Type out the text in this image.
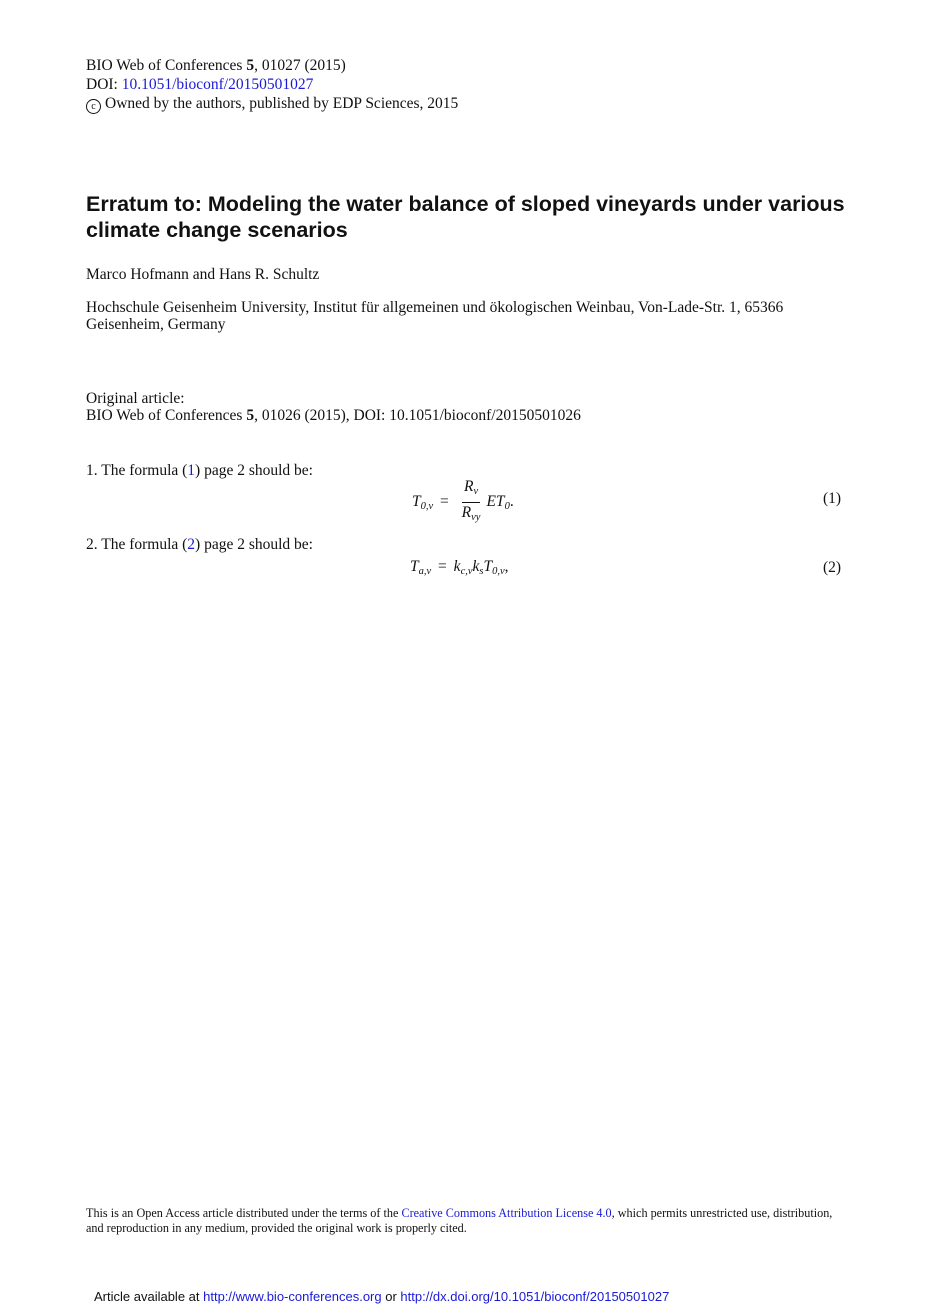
BIO Web of Conferences 5, 01027 (2015)
DOI: 10.1051/bioconf/20150501027
c Owned by the authors, published by EDP Sciences, 2015
Erratum to: Modeling the water balance of sloped vineyards under various climate change scenarios
Marco Hofmann and Hans R. Schultz
Hochschule Geisenheim University, Institut für allgemeinen und ökologischen Weinbau, Von-Lade-Str. 1, 65366
Geisenheim, Germany
Original article:
BIO Web of Conferences 5, 01026 (2015), DOI: 10.1051/bioconf/20150501026
1. The formula (1) page 2 should be:
$T_{0,v} = \frac{R_v}{R_{vy}} ET_0$.	(1)
2. The formula (2) page 2 should be:
$T_{a,v} = k_{c,v}k_sT_{0,v}$,	(2)
This is an Open Access article distributed under the terms of the Creative Commons Attribution License 4.0, which permits unrestricted use, distribution, and reproduction in any medium, provided the original work is properly cited.
Article available at http://www.bio-conferences.org or http://dx.doi.org/10.1051/bioconf/20150501027
